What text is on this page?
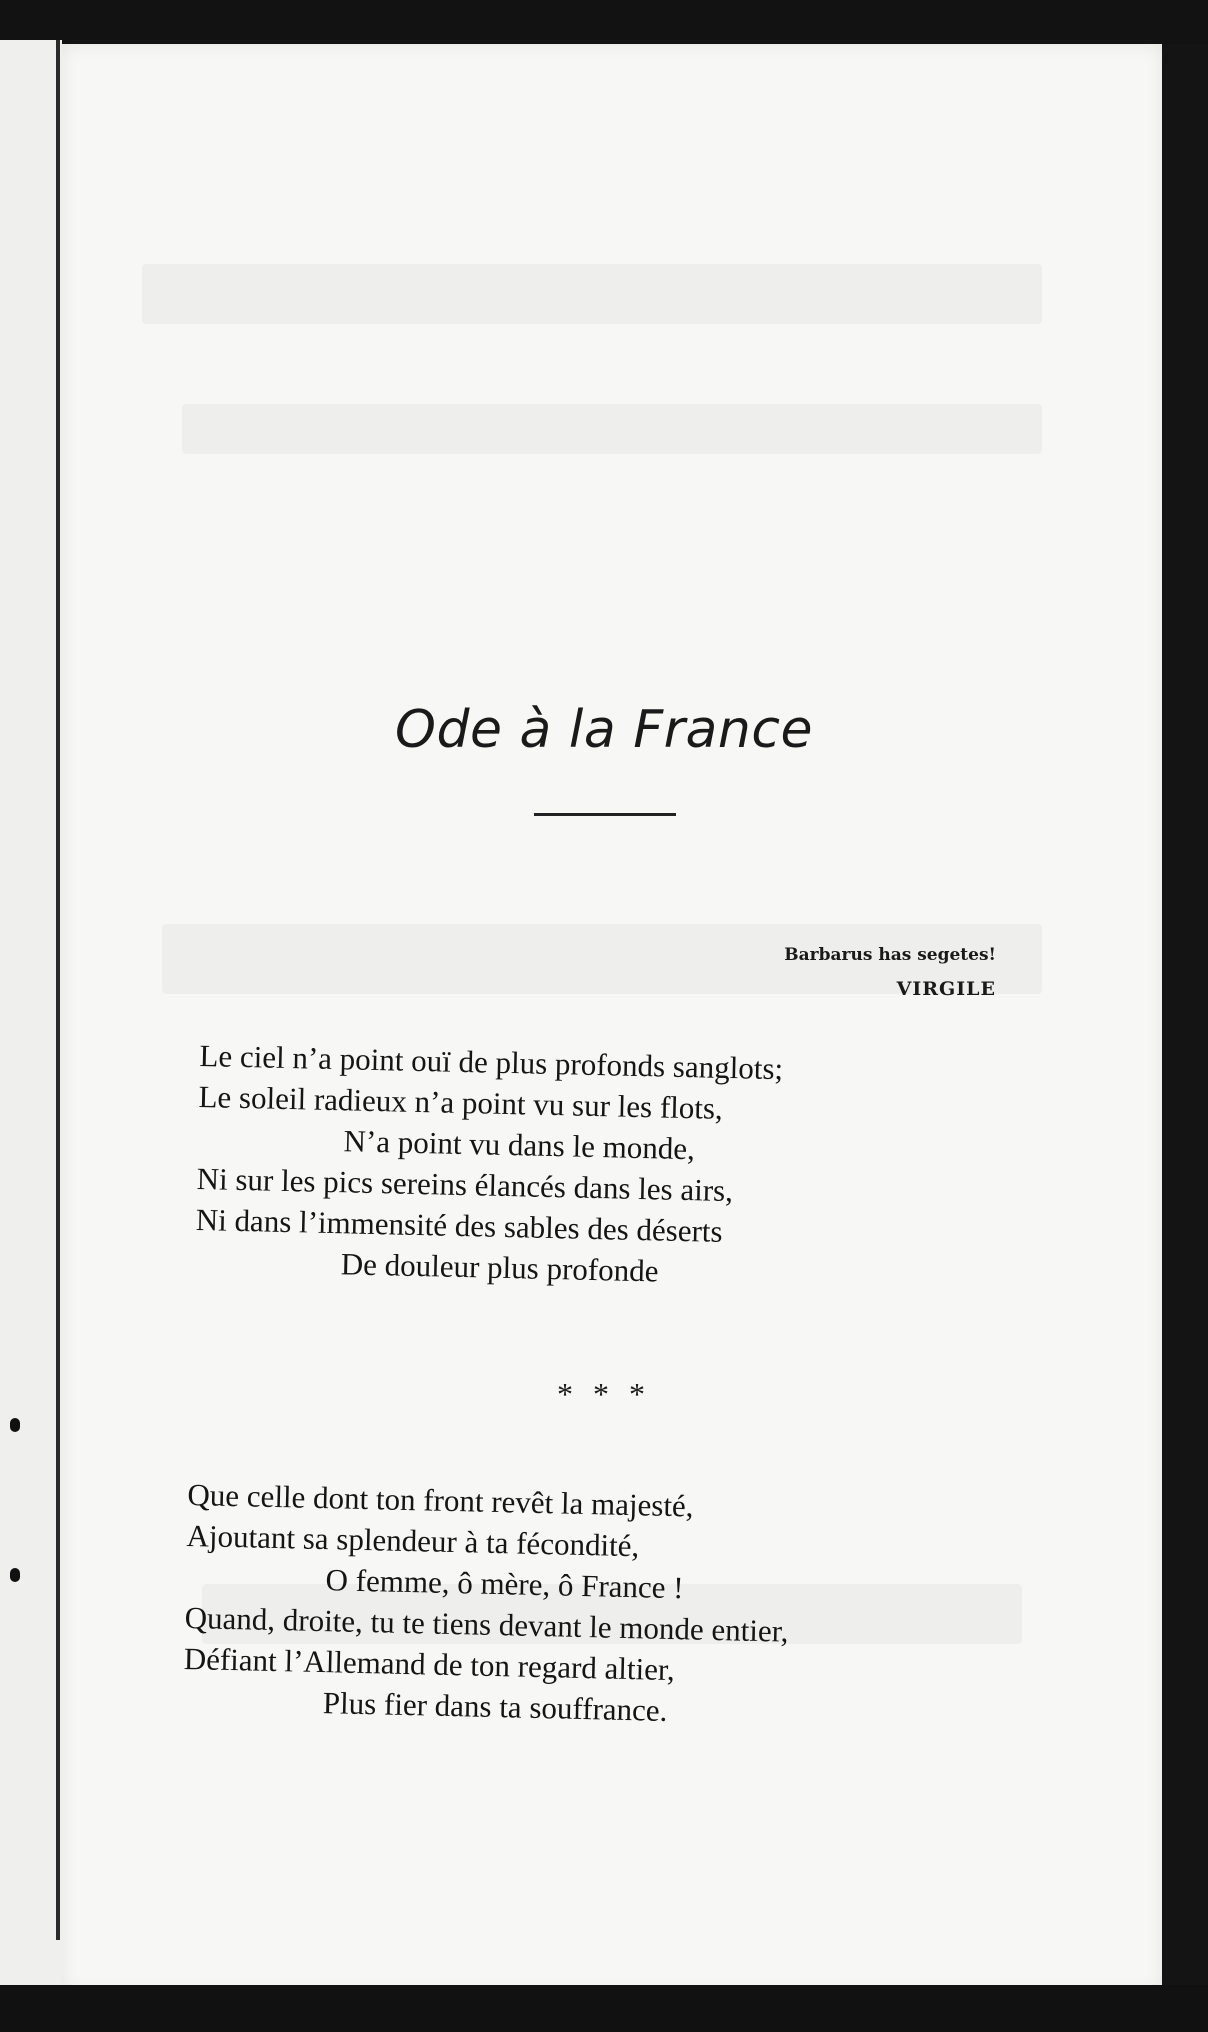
Ode à la France
Barbarus has segetes!
VIRGILE
Le ciel n’a point ouï de plus profonds sanglots;
Le soleil radieux n’a point vu sur les flots,
N’a point vu dans le monde,
Ni sur les pics sereins élancés dans les airs,
Ni dans l’immensité des sables des déserts
De douleur plus profonde
* * *
Que celle dont ton front revêt la majesté,
Ajoutant sa splendeur à ta fécondité,
O femme, ô mère, ô France !
Quand, droite, tu te tiens devant le monde entier,
Défiant l’Allemand de ton regard altier,
Plus fier dans ta souffrance.
